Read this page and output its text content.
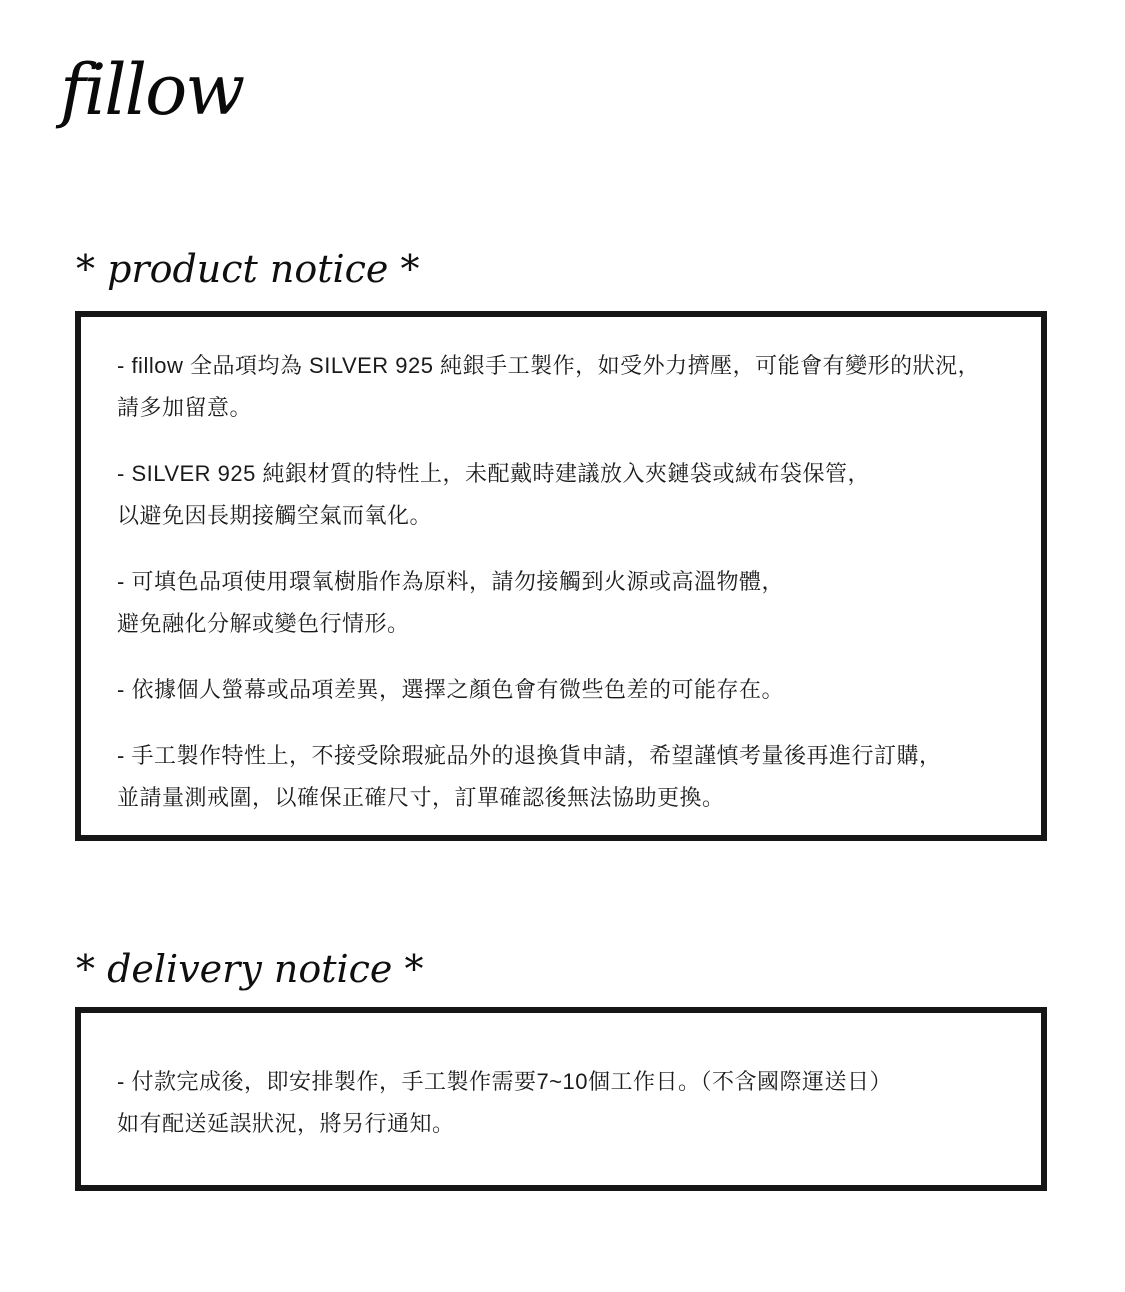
fillow
* product notice *
- fillow 全品項均為 SILVER 925 純銀手工製作，如受外力擠壓，可能會有變形的狀況，
請多加留意。
- SILVER 925 純銀材質的特性上，未配戴時建議放入夾鏈袋或絨布袋保管，
以避免因長期接觸空氣而氧化。
- 可填色品項使用環氧樹脂作為原料，請勿接觸到火源或高溫物體，
避免融化分解或變色行情形。
- 依據個人螢幕或品項差異，選擇之顏色會有微些色差的可能存在。
- 手工製作特性上，不接受除瑕疵品外的退換貨申請，希望謹慎考量後再進行訂購，
並請量測戒圍，以確保正確尺寸，訂單確認後無法協助更換。
* delivery notice *
- 付款完成後，即安排製作，手工製作需要7~10個工作日。（不含國際運送日）
如有配送延誤狀況，將另行通知。
